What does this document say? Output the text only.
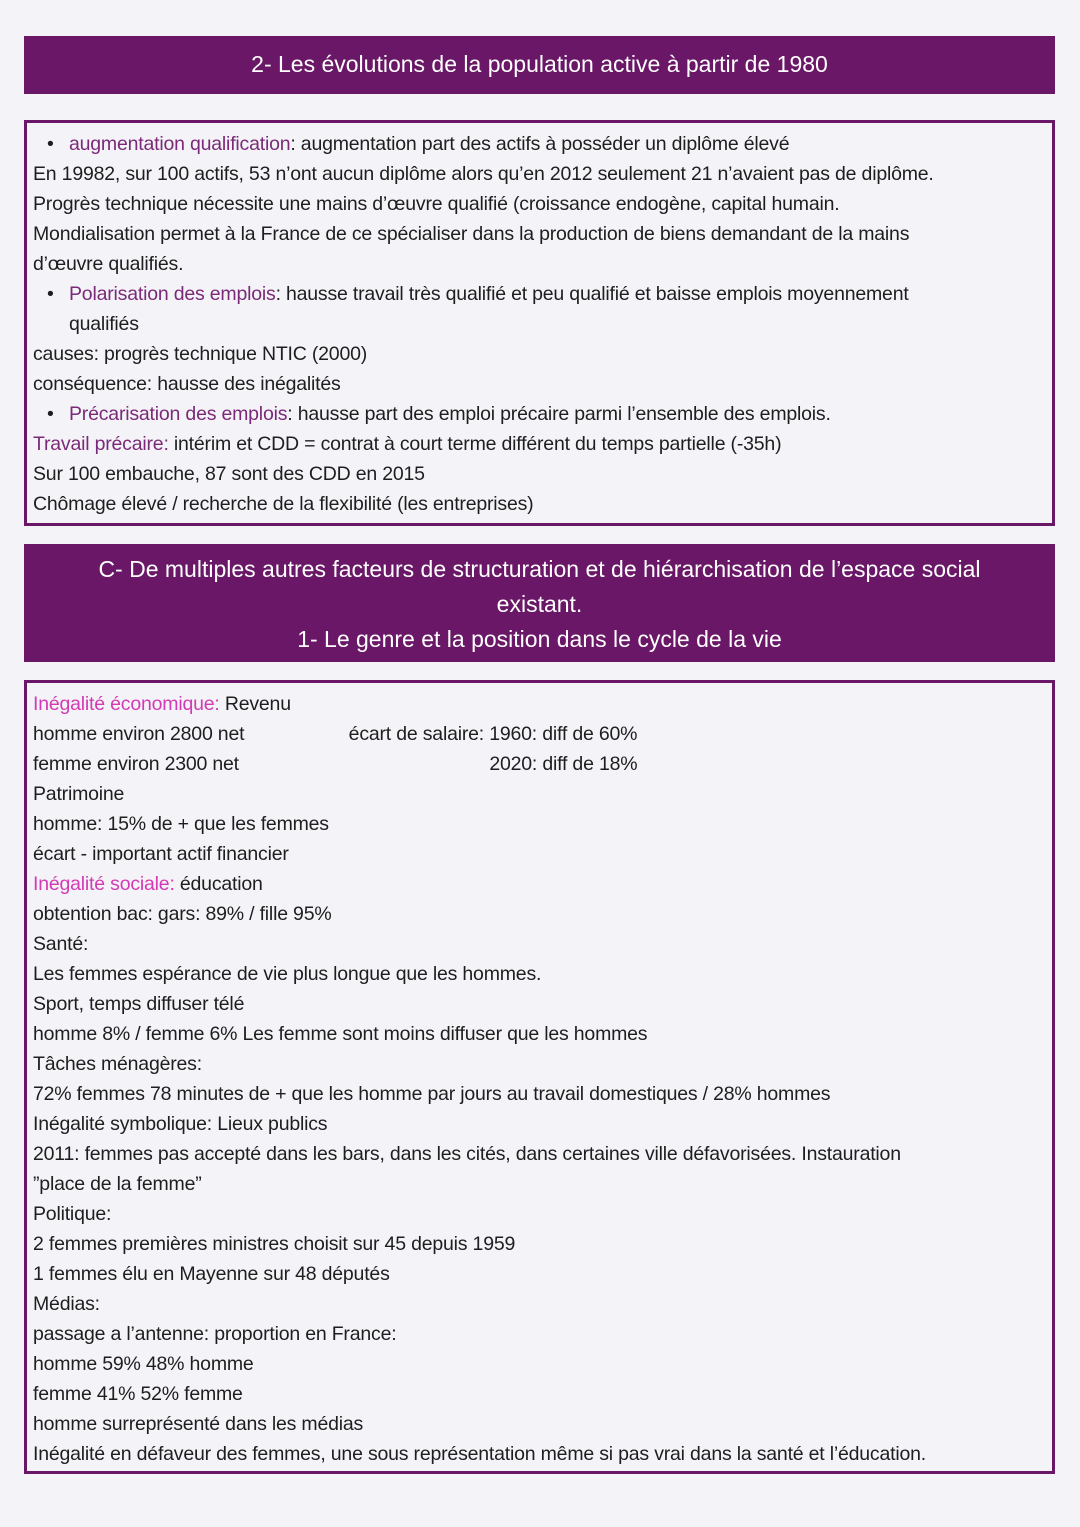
2- Les évolutions de la population active à partir de 1980
• augmentation qualification: augmentation part des actifs à posséder un diplôme élevé
En 19982, sur 100 actifs, 53 n’ont aucun diplôme alors qu’en 2012 seulement 21 n’avaient pas de diplôme.
Progrès technique nécessite une mains d’œuvre qualifié (croissance endogène, capital humain.
Mondialisation permet à la France de ce spécialiser dans la production de biens demandant de la mains
d’œuvre qualifiés.
• Polarisation des emplois: hausse travail très qualifié et peu qualifié et baisse emplois moyennement
qualifiés
causes: progrès technique NTIC (2000)
conséquence: hausse des inégalités
• Précarisation des emplois: hausse part des emploi précaire parmi l’ensemble des emplois.
Travail précaire: intérim et CDD = contrat à court terme différent du temps partielle (-35h)
Sur 100 embauche, 87 sont des CDD en 2015
Chômage élevé / recherche de la flexibilité (les entreprises)
C- De multiples autres facteurs de structuration et de hiérarchisation de l’espace social
existant.
1- Le genre et la position dans le cycle de la vie
Inégalité économique: Revenu
homme environ 2800 net                    écart de salaire: 1960: diff de 60%
femme environ 2300 net                                                2020: diff de 18%
Patrimoine
homme: 15% de + que les femmes
écart - important actif financier
Inégalité sociale: éducation
obtention bac: gars: 89% / fille 95%
Santé:
Les femmes espérance de vie plus longue que les hommes.
Sport, temps diffuser télé
homme 8% / femme 6% Les femme sont moins diffuser que les hommes
Tâches ménagères:
72% femmes 78 minutes de + que les homme par jours au travail domestiques / 28% hommes
Inégalité symbolique: Lieux publics
2011: femmes pas accepté dans les bars, dans les cités, dans certaines ville défavorisées. Instauration
”place de la femme”
Politique:
2 femmes premières ministres choisit sur 45 depuis 1959
1 femmes élu en Mayenne sur 48 députés
Médias:
passage a l’antenne: proportion en France:
homme 59% 48% homme
femme 41% 52% femme
homme surreprésenté dans les médias
Inégalité en défaveur des femmes, une sous représentation même si pas vrai dans la santé et l’éducation.
